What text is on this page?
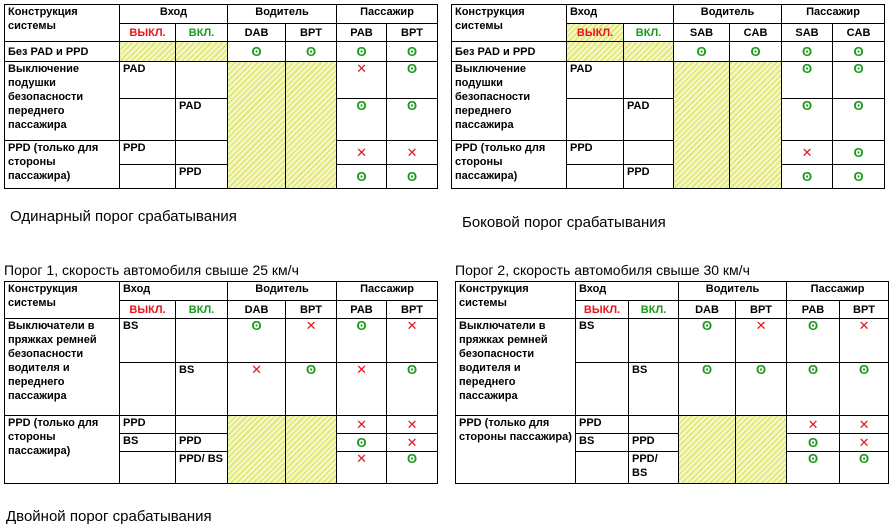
Конструкция системы	Вход		Водитель		Пассажир	
	ВЫКЛ.	ВКЛ.	DAB	BPT	PAB	BPT
Без PAD и PPD			ʘ	ʘ	ʘ	ʘ
Выключение подушки безопасности переднего пассажира	PAD				✕	ʘ
		PAD			ʘ	ʘ
PPD (только для стороны пассажира)	PPD				✕	✕
		PPD			ʘ	ʘ
Одинарный порог срабатывания
Конструкция системы	Вход		Водитель		Пассажир	
	ВЫКЛ.	ВКЛ.	SAB	CAB	SAB	CAB
Без PAD и PPD			ʘ	ʘ	ʘ	ʘ
Выключение подушки безопасности переднего пассажира	PAD				ʘ	ʘ
		PAD			ʘ	ʘ
PPD (только для стороны пассажира)	PPD				✕	ʘ
		PPD			ʘ	ʘ
Боковой порог срабатывания
Порог 1, скорость автомобиля свыше 25 км/ч
Конструкция системы	Вход		Водитель		Пассажир	
	ВЫКЛ.	ВКЛ.	DAB	BPT	PAB	BPT
Выключатели в пряжках ремней безопасности водителя и переднего пассажира	BS		ʘ	✕	ʘ	✕
		BS	✕	ʘ	✕	ʘ
PPD (только для стороны пассажира)	PPD				✕	✕
	BS	PPD			ʘ	✕
		PPD/ BS			✕	ʘ
Двойной порог срабатывания
Порог 2, скорость автомобиля свыше 30 км/ч
Конструкция системы	Вход		Водитель		Пассажир	
	ВЫКЛ.	ВКЛ.	DAB	BPT	PAB	BPT
Выключатели в пряжках ремней безопасности водителя и переднего пассажира	BS		ʘ	✕	ʘ	✕
		BS	ʘ	ʘ	ʘ	ʘ
PPD (только для стороны пассажира)	PPD				✕	✕
	BS	PPD			ʘ	✕
		PPD/ BS			ʘ	ʘ
